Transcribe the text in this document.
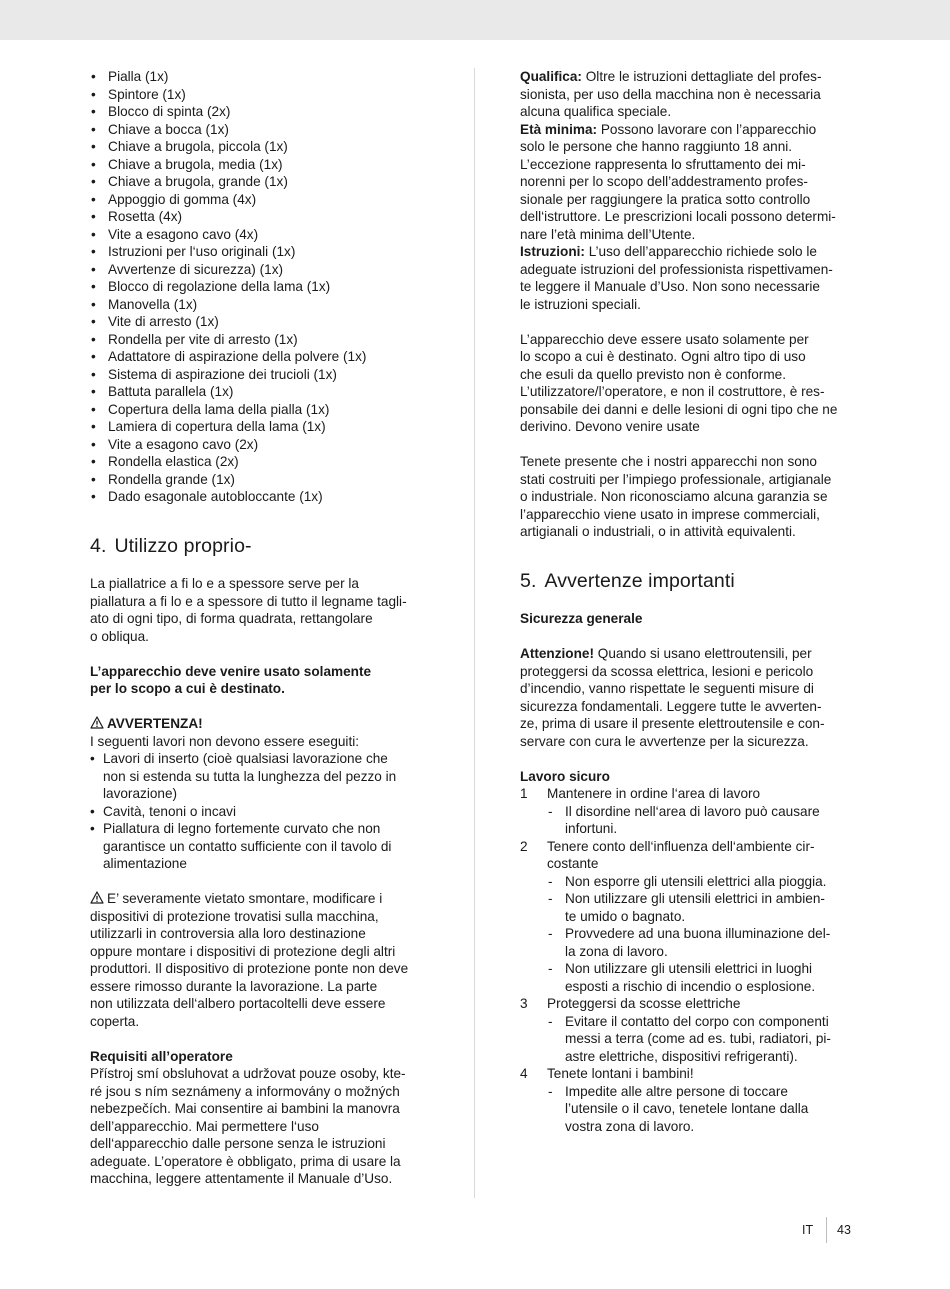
• Pialla (1x)
• Spintore (1x)
• Blocco di spinta (2x)
• Chiave a bocca (1x)
• Chiave a brugola, piccola (1x)
• Chiave a brugola, media (1x)
• Chiave a brugola, grande (1x)
• Appoggio di gomma (4x)
• Rosetta (4x)
• Vite a esagono cavo (4x)
• Istruzioni per l‘uso originali (1x)
• Avvertenze di sicurezza) (1x)
• Blocco di regolazione della lama (1x)
• Manovella (1x)
• Vite di arresto (1x)
• Rondella per vite di arresto (1x)
• Adattatore di aspirazione della polvere (1x)
• Sistema di aspirazione dei trucioli (1x)
• Battuta parallela (1x)
• Copertura della lama della pialla (1x)
• Lamiera di copertura della lama (1x)
• Vite a esagono cavo (2x)
• Rondella elastica (2x)
• Rondella grande (1x)
• Dado esagonale autobloccante (1x)
4. Utilizzo proprio-

La piallatrice a fi lo e a spessore serve per la
piallatura a fi lo e a spessore di tutto il legname tagli-
ato di ogni tipo, di forma quadrata, rettangolare
o obliqua.

L’apparecchio deve venire usato solamente
per lo scopo a cui è destinato.

AVVERTENZA!

I seguenti lavori non devono essere eseguiti:

• Lavori di inserto (cioè qualsiasi lavorazione che
non si estenda su tutta la lunghezza del pezzo in
lavorazione)
• Cavità, tenoni o incavi
• Piallatura di legno fortemente curvato che non
garantisce un contatto sufficiente con il tavolo di
alimentazione

E’ severamente vietato smontare, modificare i
dispositivi di protezione trovatisi sulla macchina,
utilizzarli in controversia alla loro destinazione
oppure montare i dispositivi di protezione degli altri
produttori. Il dispositivo di protezione ponte non deve
essere rimosso durante la lavorazione. La parte
non utilizzata dell‘albero portacoltelli deve essere
coperta.

Requisiti all’operatore

Přístroj smí obsluhovat a udržovat pouze osoby, kte-
ré jsou s ním seznámeny a informovány o možných
nebezpečích. Mai consentire ai bambini la manovra
dell’apparecchio. Mai permettere l‘uso
dell‘apparecchio dalle persone senza le istruzioni
adeguate. L’operatore è obbligato, prima di usare la
macchina, leggere attentamente il Manuale d’Uso.

Qualifica: Oltre le istruzioni dettagliate del profes-
sionista, per uso della macchina non è necessaria
alcuna qualifica speciale.

Età minima: Possono lavorare con l’apparecchio
solo le persone che hanno raggiunto 18 anni.
L’eccezione rappresenta lo sfruttamento dei mi-
norenni per lo scopo dell’addestramento profes-
sionale per raggiungere la pratica sotto controllo
dell‘istruttore. Le prescrizioni locali possono determi-
nare l’età minima dell’Utente.

Istruzioni: L’uso dell’apparecchio richiede solo le
adeguate istruzioni del professionista rispettivamen-
te leggere il Manuale d’Uso. Non sono necessarie
le istruzioni speciali.

L’apparecchio deve essere usato solamente per
lo scopo a cui è destinato. Ogni altro tipo di uso
che esuli da quello previsto non è conforme.
L’utilizzatore/l’operatore, e non il costruttore, è res-
ponsabile dei danni e delle lesioni di ogni tipo che ne
derivino. Devono venire usate

Tenete presente che i nostri apparecchi non sono
stati costruiti per l’impiego professionale, artigianale
o industriale. Non riconosciamo alcuna garanzia se
l’apparecchio viene usato in imprese commerciali,
artigianali o industriali, o in attività equivalenti.

5. Avvertenze importanti

Sicurezza generale

Attenzione! Quando si usano elettroutensili, per
proteggersi da scossa elettrica, lesioni e pericolo
d’incendio, vanno rispettate le seguenti misure di
sicurezza fondamentali. Leggere tutte le avverten-
ze, prima di usare il presente elettroutensile e con-
servare con cura le avvertenze per la sicurezza.

Lavoro sicuro

1 Mantenere in ordine l‘area di lavoro
- Il disordine nell‘area di lavoro può causare
infortuni.
2 Tenere conto dell‘influenza dell‘ambiente cir-
costante
- Non esporre gli utensili elettrici alla pioggia.
- Non utilizzare gli utensili elettrici in ambien-
te umido o bagnato.
- Provvedere ad una buona illuminazione del-
la zona di lavoro.
- Non utilizzare gli utensili elettrici in luoghi
esposti a rischio di incendio o esplosione.
3 Proteggersi da scosse elettriche
- Evitare il contatto del corpo con componenti
messi a terra (come ad es. tubi, radiatori, pi-
astre elettriche, dispositivi refrigeranti).
4 Tenete lontani i bambini!
- Impedite alle altre persone di toccare
l’utensile o il cavo, tenetele lontane dalla
vostra zona di lavoro.
IT 43
